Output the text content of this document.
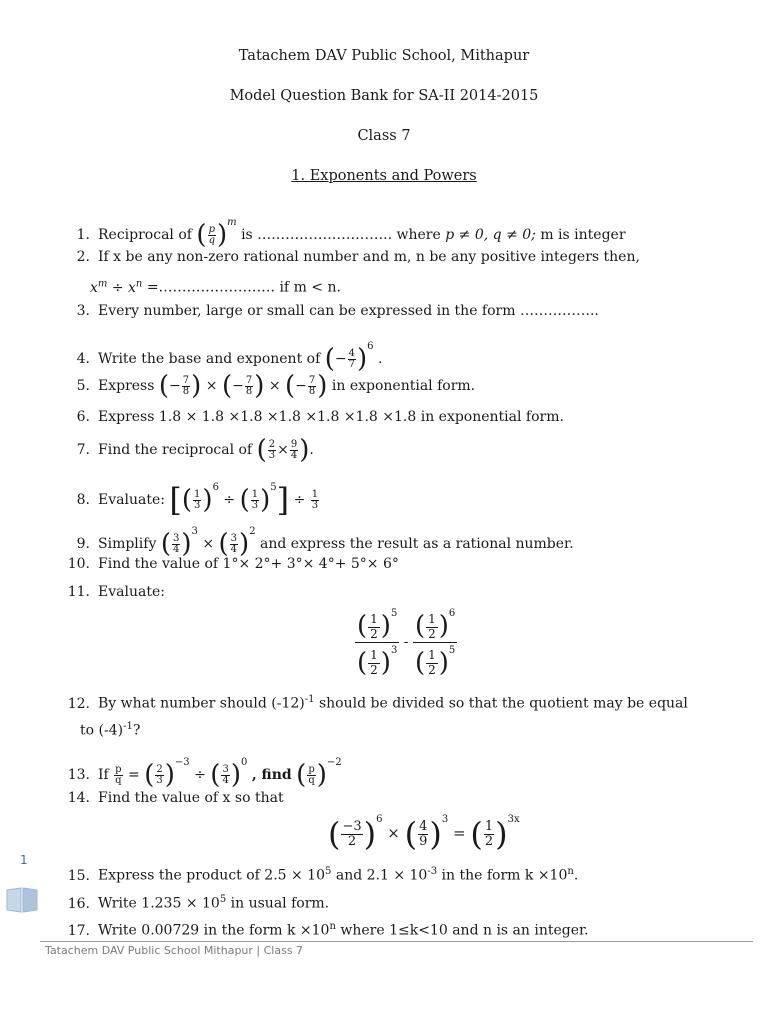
Tatachem DAV Public School, Mithapur
Model Question Bank for SA-II 2014-2015
Class 7
1. Exponents and Powers
1. Reciprocal of ( $\frac{p}{q} )^m$ is ……………………….. where p ≠ 0, q ≠ 0; m is integer
2. If x be any non-zero rational number and m, n be any positive integers then,
$x^m \div x^n$ =……………………. if m < n.
3. Every number, large or small can be expressed in the form ……………..
4. Write the base and exponent of (− $\frac{4}{7} )^6$ .
5. Express (− $\frac{7}{8}$ ) × (− $\frac{7}{8}$ ) × (− $\frac{7}{8}$ ) in exponential form.
6. Express 1.8 × 1.8 ×1.8 ×1.8 ×1.8 ×1.8 ×1.8 in exponential form.
7. Find the reciprocal of ( $\frac{2}{3} \times \frac{9}{4}$ ).
8. Evaluate: [( $\frac{1}{3} )^6$ ÷ ( $\frac{1}{3} )^5] \div \frac{1}{3}$
9. Simplify ( $\frac{3}{4} )^3$ × ( $\frac{3}{4} )^2$ and express the result as a rational number.
10. Find the value of 1°× 2°+ 3°× 4°+ 5°× 6°
11. Evaluate:
$\frac{( \frac{1}{2} )^5}{( \frac{1}{2} )^3} - \frac{( \frac{1}{2} )^6}{( \frac{1}{2} )^5}$
12. By what number should $(-12)^{-1}$ should be divided so that the quotient may be equal
to $(-4)^{-1}$?
13. If $\frac{p}{q}$ = ( $\frac{2}{3} )^{-3}$ ÷ ( $\frac{3}{4} )^0$ , find ( $\frac{p}{q} )^{-2}$
14. Find the value of x so that
( $\frac{-3}{2} )^6$ × ( $\frac{4}{9} )^3$ = ( $\frac{1}{2} )^{3x}$
15. Express the product of $2.5 \times 10^5$ and $2.1 \times 10^{-3}$ in the form $k \times 10^n$.
16. Write $1.235 \times 10^5$ in usual form.
17. Write 0.00729 in the form $k \times 10^n$ where 1≤k<10 and n is an integer.
1
Tatachem DAV Public School Mithapur | Class 7
